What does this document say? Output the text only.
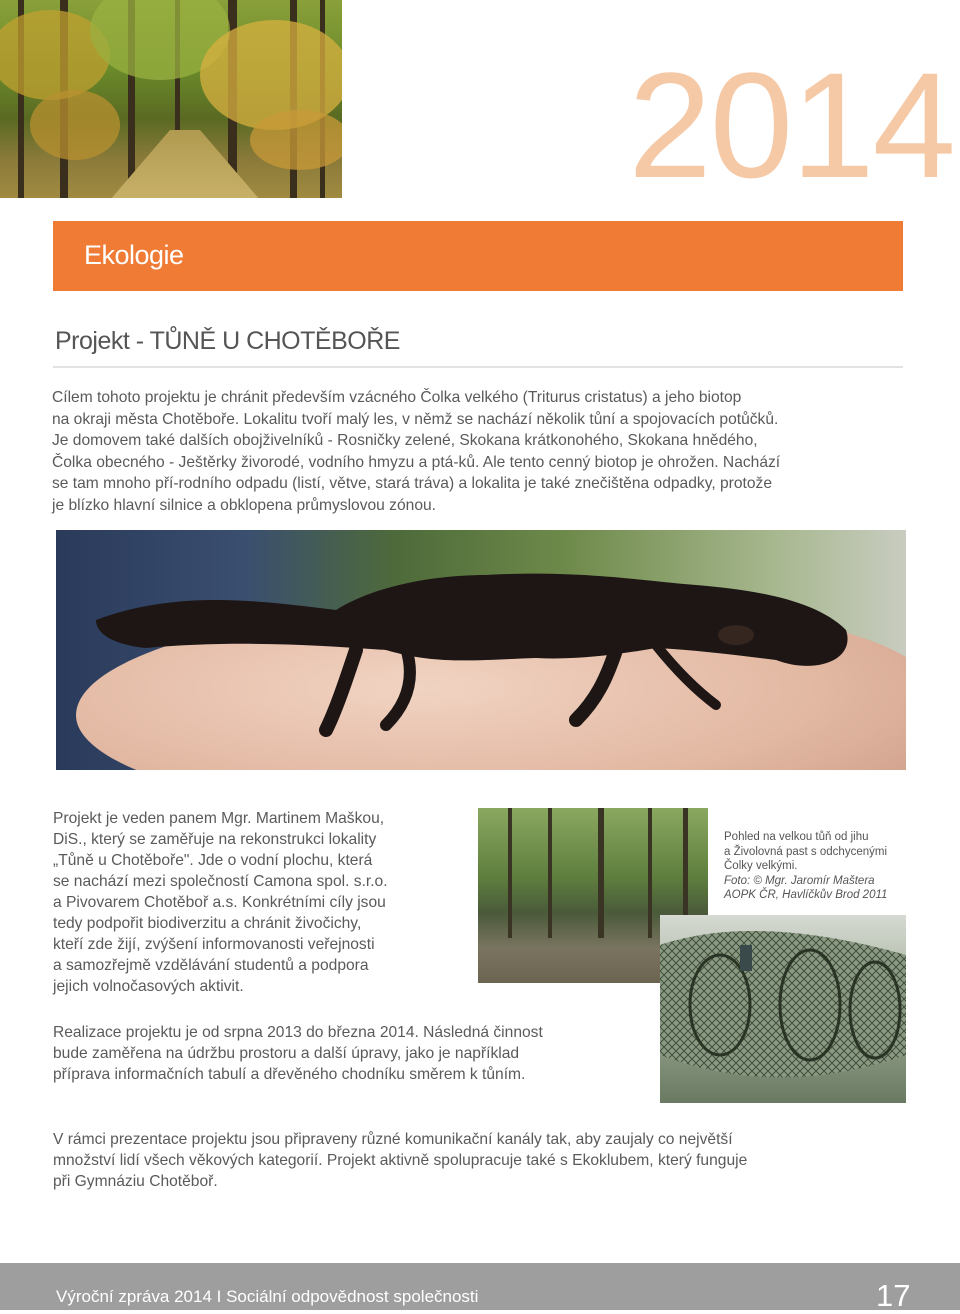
2014
Ekologie
Projekt - TŮNĚ U CHOTĚBOŘE
Cílem tohoto projektu je chránit především vzácného Čolka velkého (Triturus cristatus) a jeho biotop
na okraji města Chotěboře. Lokalitu tvoří malý les, v němž se nachází několik tůní a spojovacích potůčků.
Je domovem také dalších obojživelníků - Rosničky zelené, Skokana krátkonohého, Skokana hnědého,
Čolka obecného - Ještěrky živorodé, vodního hmyzu a ptá-ků. Ale tento cenný biotop je ohrožen. Nachází
se tam mnoho pří-rodního odpadu (listí, větve, stará tráva) a lokalita je také znečištěna odpadky, protože
je blízko hlavní silnice a obklopena průmyslovou zónou.
Projekt je veden panem Mgr. Martinem Maškou,
DiS., který se zaměřuje na rekonstrukci lokality
„Tůně u Chotěboře". Jde o vodní plochu, která
se nachází mezi společností Camona spol. s.r.o.
a Pivovarem Chotěboř a.s. Konkrétními cíly jsou
tedy podpořit biodiverzitu a chránit živočichy,
kteří zde žijí, zvýšení informovanosti veřejnosti
a samozřejmě vzdělávání studentů a podpora
jejich volnočasových aktivit.
Pohled na velkou tůň od jihu
a Živolovná past s odchycenými
Čolky velkými.
Foto: © Mgr. Jaromír Maštera
AOPK ČR, Havlíčkův Brod 2011
Realizace projektu je od srpna 2013 do března 2014. Následná činnost
bude zaměřena na údržbu prostoru a další úpravy, jako je například
příprava informačních tabulí a dřevěného chodníku směrem k tůním.
V rámci prezentace projektu jsou připraveny různé komunikační kanály tak, aby zaujaly co největší
množství lidí všech věkových kategorií. Projekt aktivně spolupracuje také s Ekoklubem, který funguje
při Gymnáziu Chotěboř.
Výroční zpráva 2014 I Sociální odpovědnost společnosti	17
